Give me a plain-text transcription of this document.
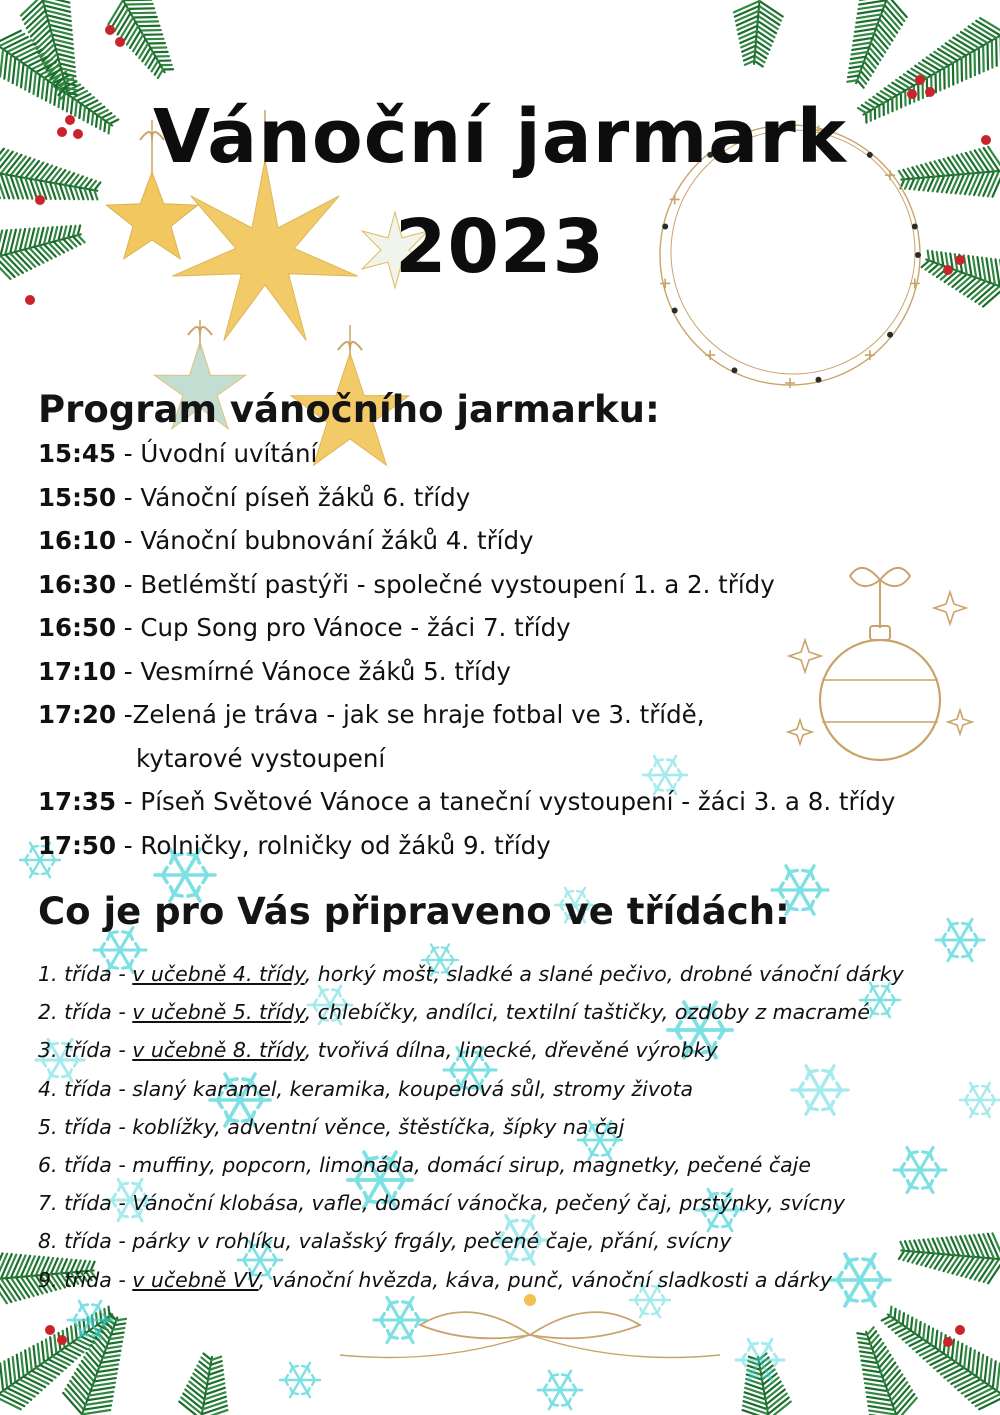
Vánoční jarmark
2023
Program vánočního jarmarku:
15:45 - Úvodní uvítání
15:50 - Vánoční píseň žáků 6. třídy
16:10 - Vánoční bubnování žáků 4. třídy
16:30 - Betlémští pastýři - společné vystoupení 1. a 2. třídy
16:50 - Cup Song pro Vánoce - žáci 7. třídy
17:10 - Vesmírné Vánoce žáků 5. třídy
17:20 -Zelená je tráva - jak se hraje fotbal ve 3. třídě,
kytarové vystoupení
17:35 - Píseň Světové Vánoce a taneční vystoupení - žáci 3. a 8. třídy
17:50 - Rolničky, rolničky od žáků 9. třídy
Co je pro Vás připraveno ve třídách:
1. třída - v učebně 4. třídy, horký mošt, sladké a slané pečivo, drobné vánoční dárky
2. třída - v učebně 5. třídy, chlebíčky, andílci, textilní taštičky, ozdoby z macramé
3. třída - v učebně 8. třídy, tvořivá dílna, linecké, dřevěné výrobky
4. třída - slaný karamel, keramika, koupelová sůl, stromy života
5. třída - koblížky, adventní věnce, štěstíčka, šípky na čaj
6. třída - muffiny, popcorn, limonáda, domácí sirup, magnetky, pečené čaje
7. třída - Vánoční klobása, vafle, domácí vánočka, pečený čaj, prstýnky, svícny
8. třída - párky v rohlíku, valašský frgály, pečené čaje, přání, svícny
9. třída - v učebně VV, vánoční hvězda, káva, punč, vánoční sladkosti a dárky
